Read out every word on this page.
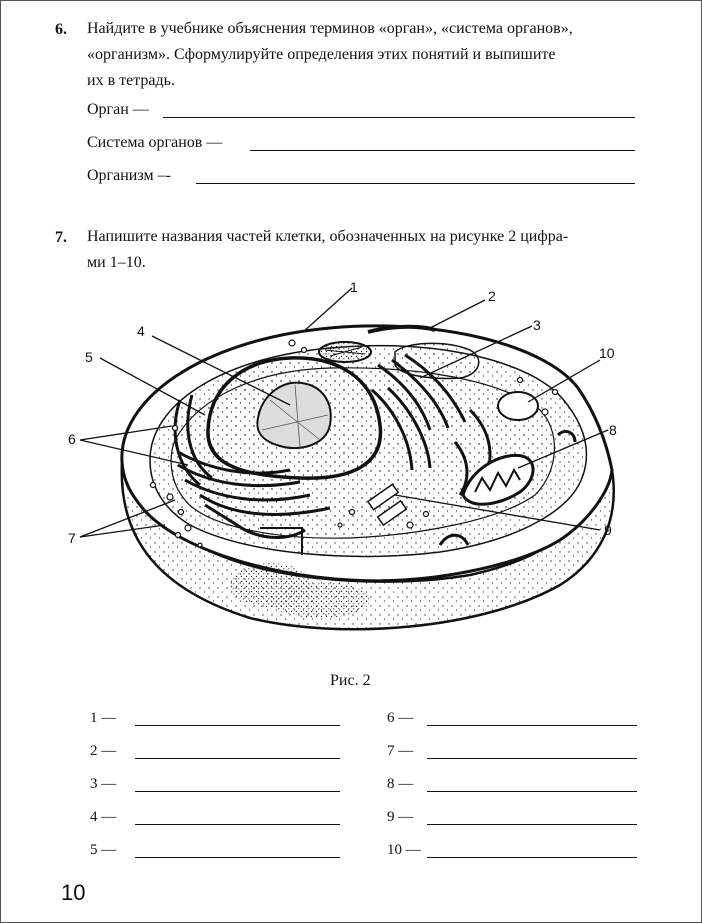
6. Найдите в учебнике объяснения терминов «орган», «система органов»,
«организм». Сформулируйте определения этих понятий и выпишите
их в тетрадь.
Орган —
Система органов —
Организм –-
7. Напишите названия частей клетки, обозначенных на рисунке 2 цифра-
ми 1–10.
1
2
3
4
5
6
7
8
9
10
Рис. 2
1 —
2 —
3 —
4 —
5 —
6 —
7 —
8 —
9 —
10 —
10
